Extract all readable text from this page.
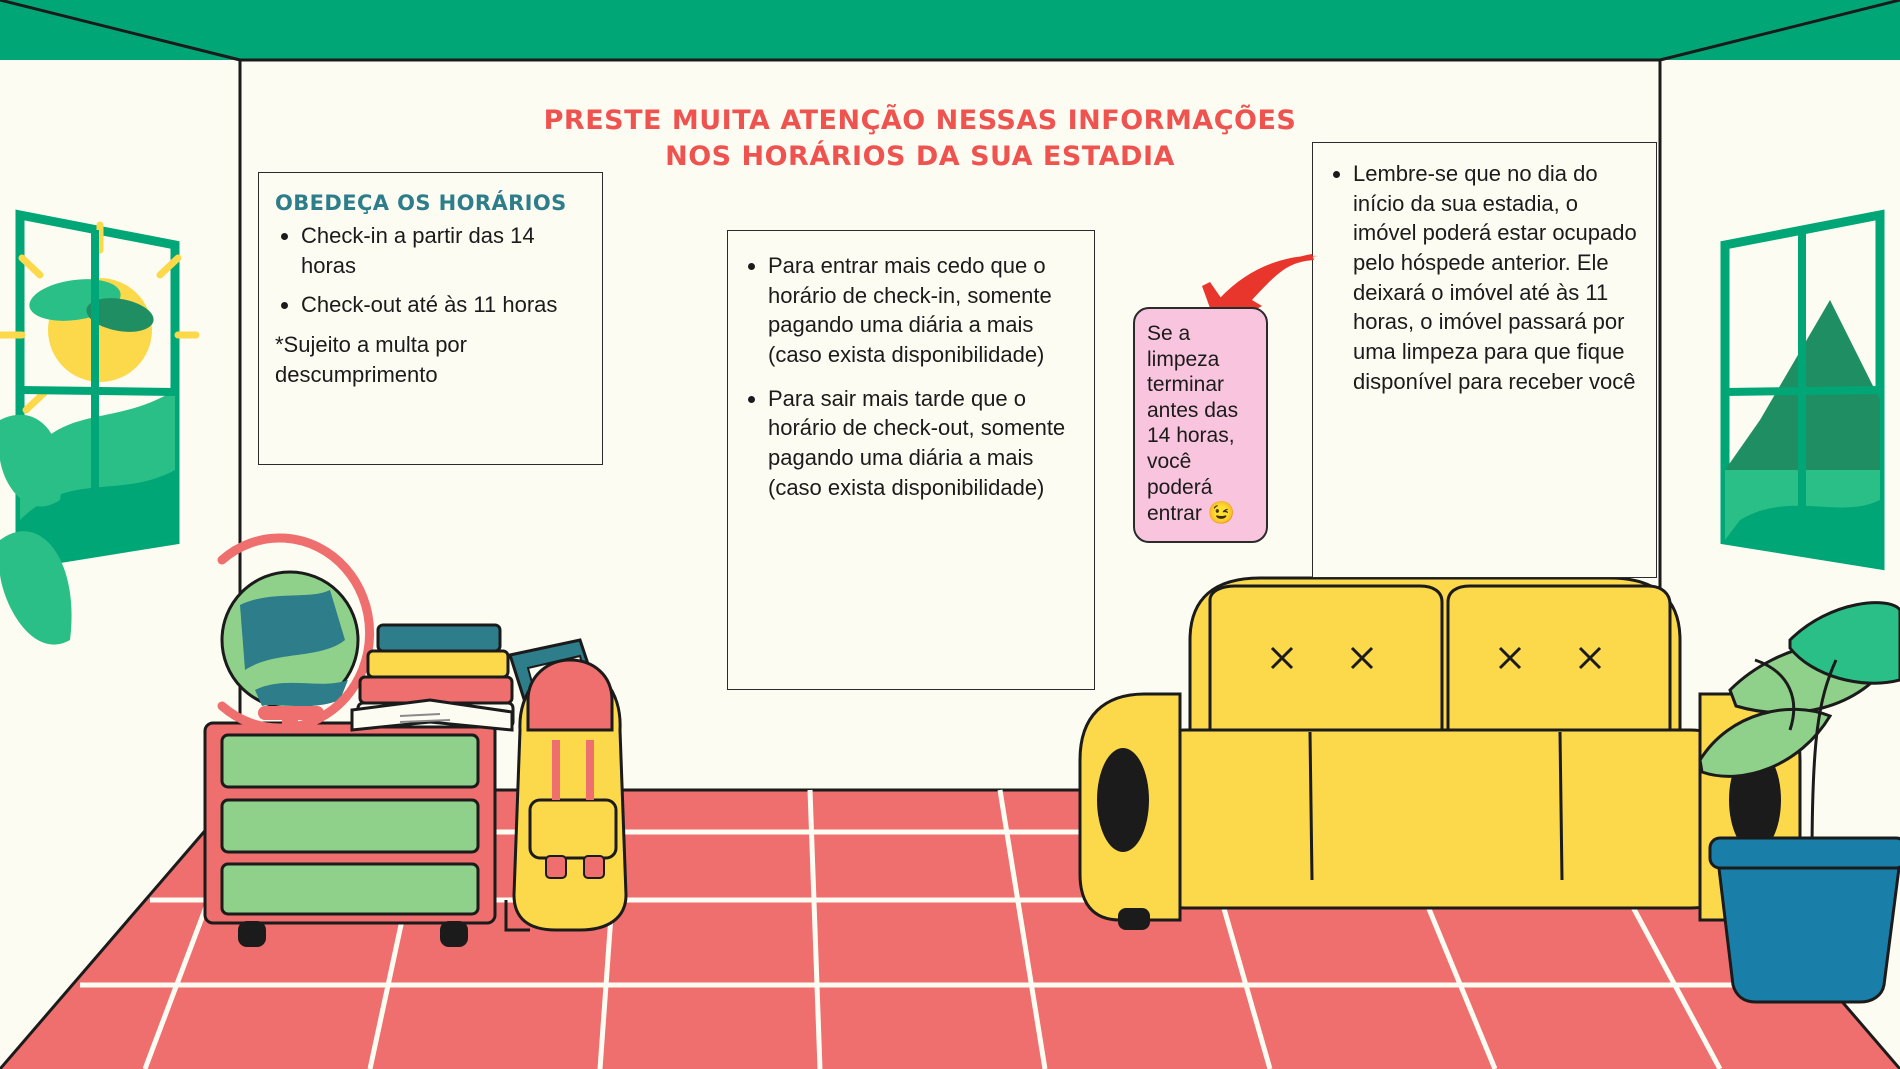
PRESTE MUITA ATENÇÃO NESSAS INFORMAÇÕES
NOS HORÁRIOS DA SUA ESTADIA
OBEDEÇA OS HORÁRIOS
• Check-in a partir das 14 horas
• Check-out até às 11 horas
*Sujeito a multa por descumprimento
• Para entrar mais cedo que o horário de check-in, somente pagando uma diária a mais (caso exista disponibilidade)
• Para sair mais tarde que o horário de check-out, somente pagando uma diária a mais (caso exista disponibilidade)
• Lembre-se que no dia do início da sua estadia, o imóvel poderá estar ocupado pelo hóspede anterior. Ele deixará o imóvel até às 11 horas, o imóvel passará por uma limpeza para que fique disponível para receber você
Se a limpeza terminar antes das 14 horas, você poderá entrar 😉
